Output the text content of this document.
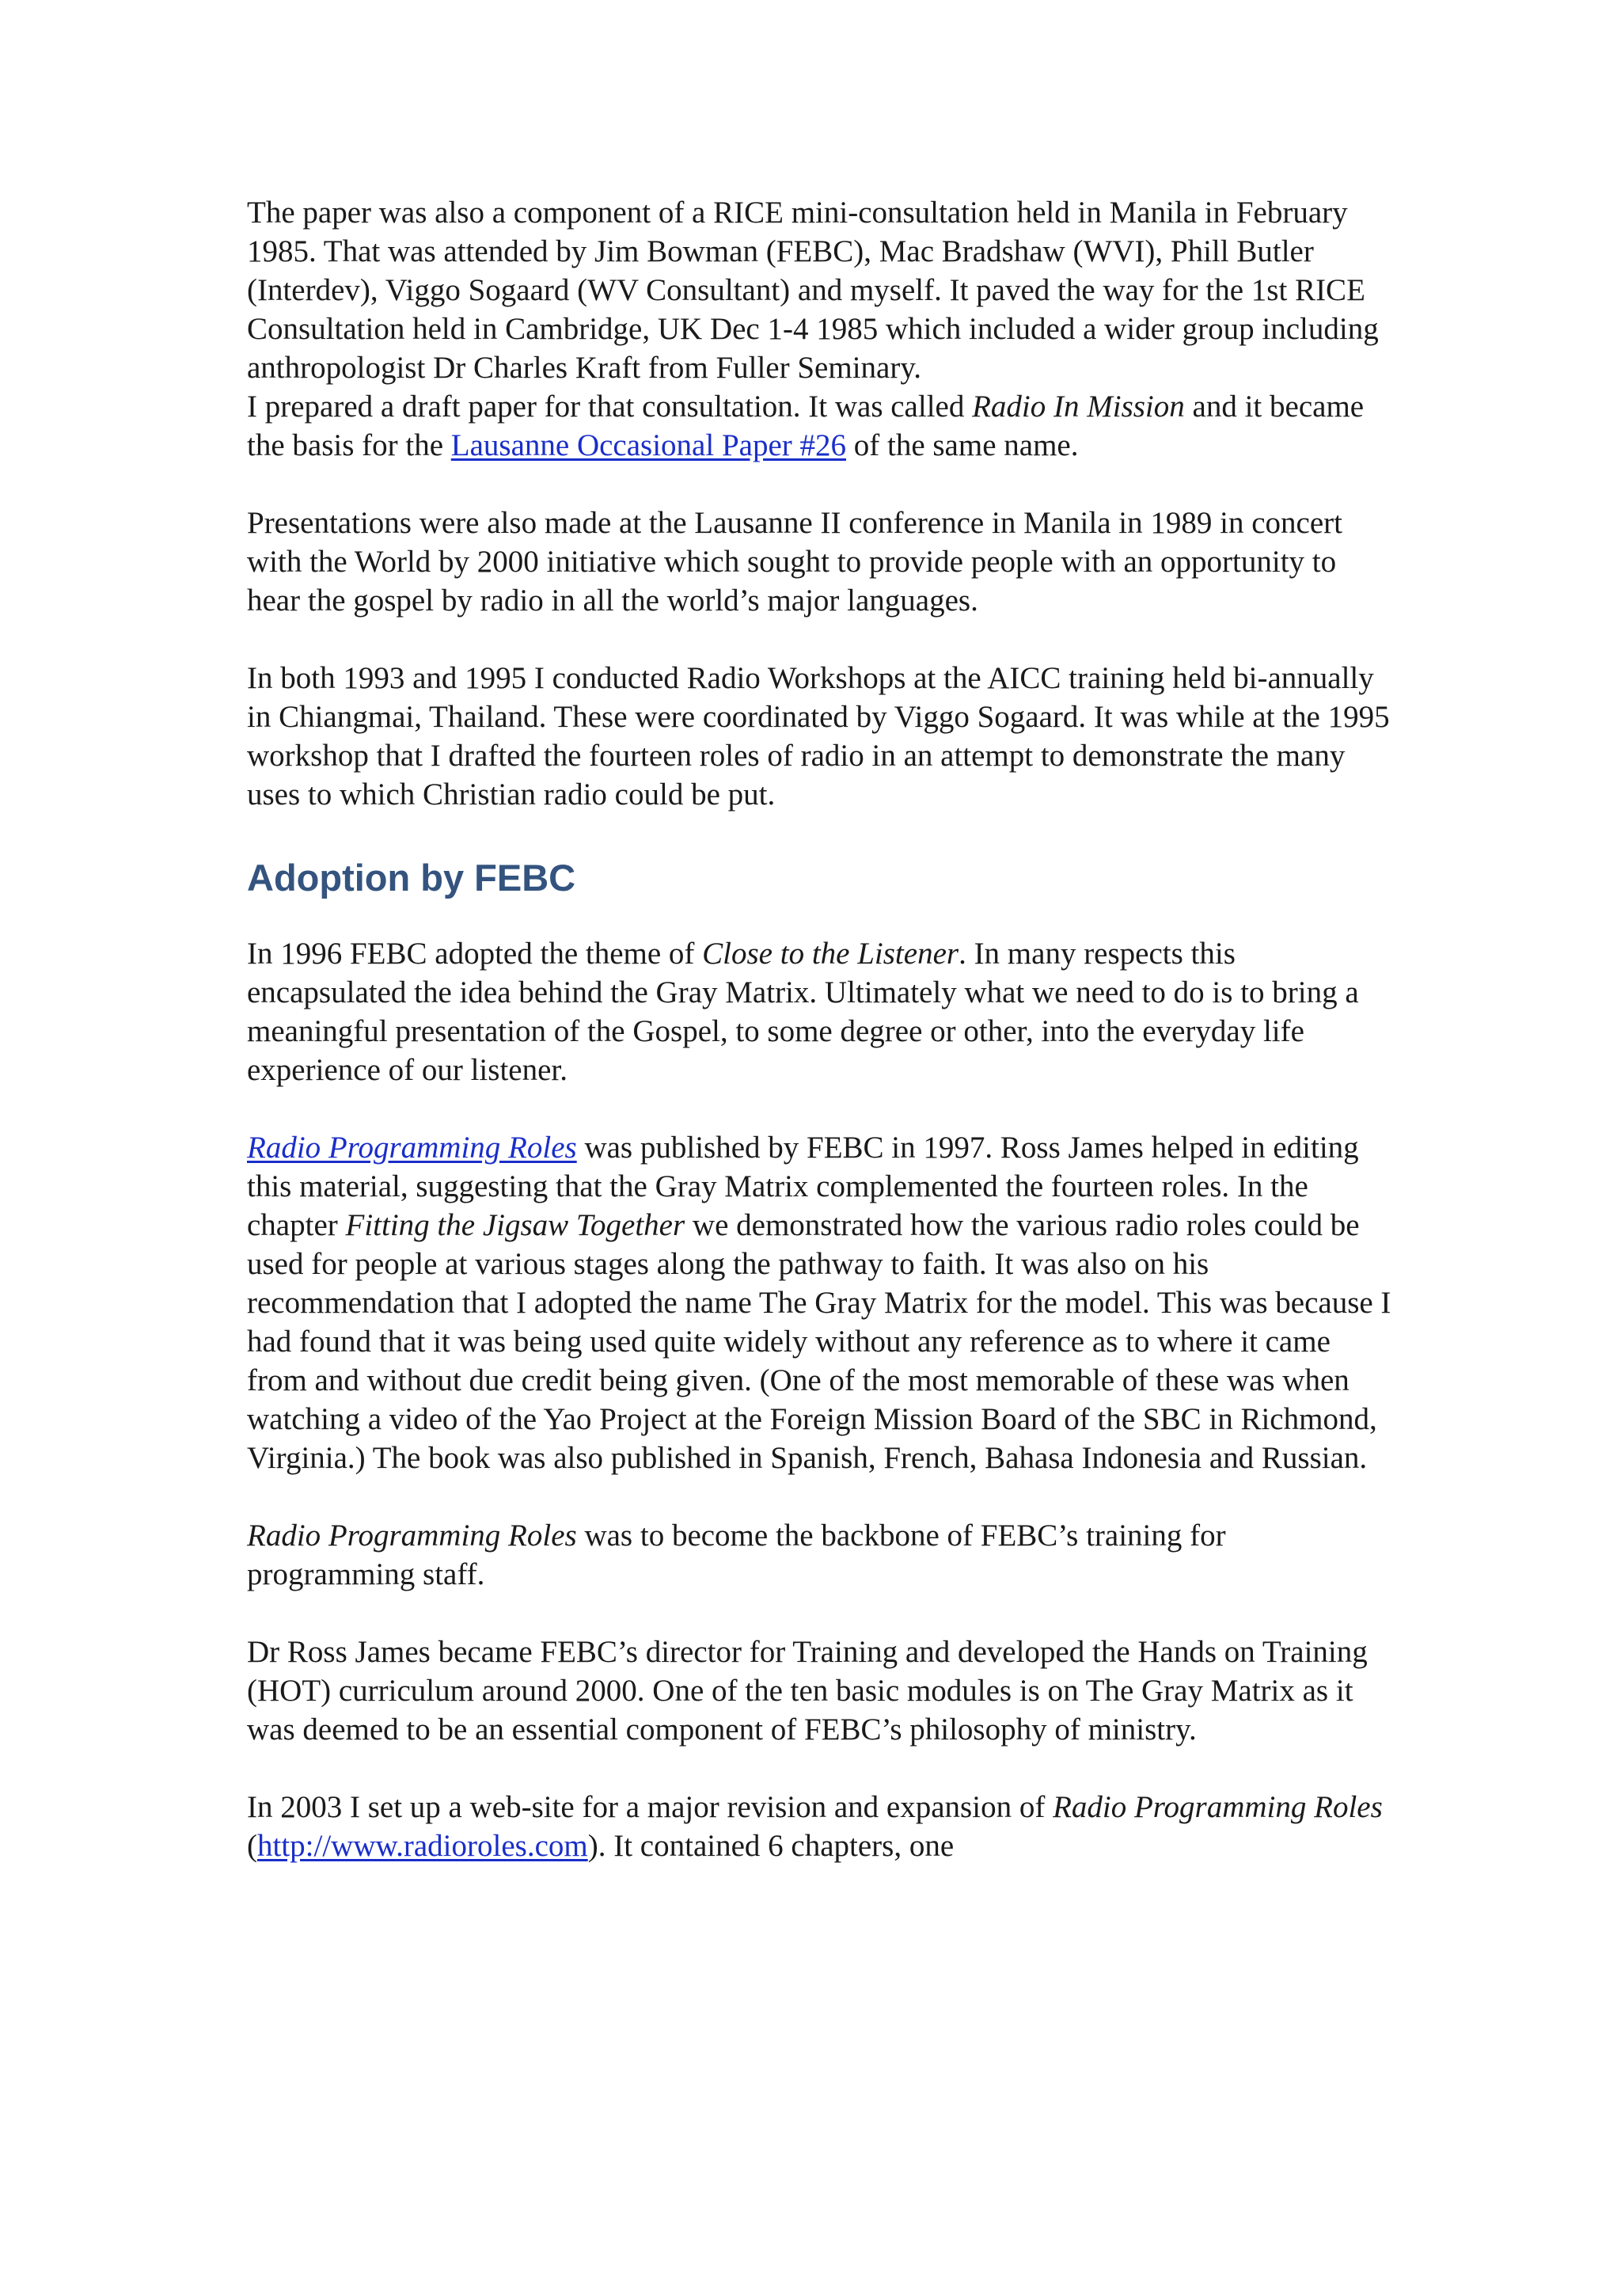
The paper was also a component of a RICE mini-consultation held in Manila in February 1985. That was attended by Jim Bowman (FEBC), Mac Bradshaw (WVI), Phill Butler (Interdev), Viggo Sogaard (WV Consultant) and myself. It paved the way for the 1st RICE Consultation held in Cambridge, UK Dec 1-4 1985 which included a wider group including anthropologist Dr Charles Kraft from Fuller Seminary.

I prepared a draft paper for that consultation. It was called Radio In Mission and it became the basis for the Lausanne Occasional Paper #26 of the same name.

Presentations were also made at the Lausanne II conference in Manila in 1989 in concert with the World by 2000 initiative which sought to provide people with an opportunity to hear the gospel by radio in all the world’s major languages.

In both 1993 and 1995 I conducted Radio Workshops at the AICC training held bi-annually in Chiangmai, Thailand. These were coordinated by Viggo Sogaard. It was while at the 1995 workshop that I drafted the fourteen roles of radio in an attempt to demonstrate the many uses to which Christian radio could be put.

Adoption by FEBC

In 1996 FEBC adopted the theme of Close to the Listener. In many respects this encapsulated the idea behind the Gray Matrix. Ultimately what we need to do is to bring a meaningful presentation of the Gospel, to some degree or other, into the everyday life experience of our listener.

Radio Programming Roles was published by FEBC in 1997. Ross James helped in editing this material, suggesting that the Gray Matrix complemented the fourteen roles. In the chapter Fitting the Jigsaw Together we demonstrated how the various radio roles could be used for people at various stages along the pathway to faith. It was also on his recommendation that I adopted the name The Gray Matrix for the model. This was because I had found that it was being used quite widely without any reference as to where it came from and without due credit being given. (One of the most memorable of these was when watching a video of the Yao Project at the Foreign Mission Board of the SBC in Richmond, Virginia.) The book was also published in Spanish, French, Bahasa Indonesia and Russian.

Radio Programming Roles was to become the backbone of FEBC’s training for programming staff.

Dr Ross James became FEBC’s director for Training and developed the Hands on Training (HOT) curriculum around 2000. One of the ten basic modules is on The Gray Matrix as it was deemed to be an essential component of FEBC’s philosophy of ministry.

In 2003 I set up a web-site for a major revision and expansion of Radio Programming Roles (http://www.radioroles.com). It contained 6 chapters, one
